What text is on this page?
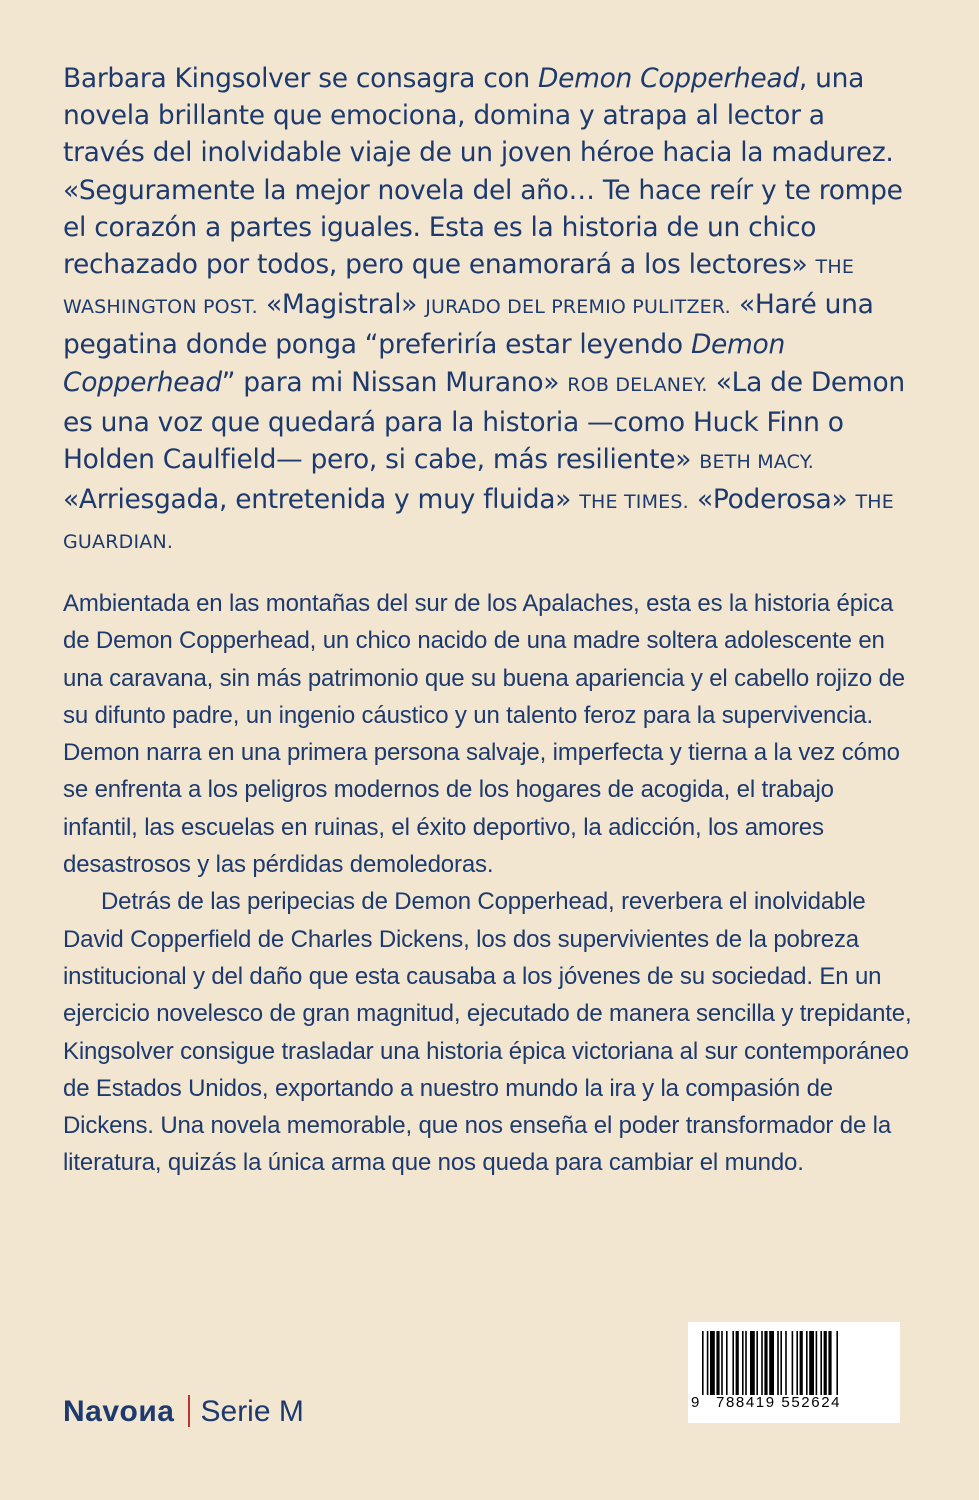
Barbara Kingsolver se consagra con Demon Copperhead, una novela brillante que emociona, domina y atrapa al lector a través del inolvidable viaje de un joven héroe hacia la madurez. «Seguramente la mejor novela del año… Te hace reír y te rompe el corazón a partes iguales. Esta es la historia de un chico rechazado por todos, pero que enamorará a los lectores» THE WASHINGTON POST. «Magistral» JURADO DEL PREMIO PULITZER. «Haré una pegatina donde ponga “preferiría estar leyendo Demon Copperhead” para mi Nissan Murano» ROB DELANEY. «La de Demon es una voz que quedará para la historia —como Huck Finn o Holden Caulfield— pero, si cabe, más resiliente» BETH MACY. «Arriesgada, entretenida y muy fluida» THE TIMES. «Poderosa» THE GUARDIAN.

Ambientada en las montañas del sur de los Apalaches, esta es la historia épica de Demon Copperhead, un chico nacido de una madre soltera adolescente en una caravana, sin más patrimonio que su buena apariencia y el cabello rojizo de su difunto padre, un ingenio cáustico y un talento feroz para la supervivencia. Demon narra en una primera persona salvaje, imperfecta y tierna a la vez cómo se enfrenta a los peligros modernos de los hogares de acogida, el trabajo infantil, las escuelas en ruinas, el éxito deportivo, la adicción, los amores desastrosos y las pérdidas demoledoras.

Detrás de las peripecias de Demon Copperhead, reverbera el inolvidable David Copperfield de Charles Dickens, los dos supervivientes de la pobreza institucional y del daño que esta causaba a los jóvenes de su sociedad. En un ejercicio novelesco de gran magnitud, ejecutado de manera sencilla y trepidante, Kingsolver consigue trasladar una historia épica victoriana al sur contemporáneo de Estados Unidos, exportando a nuestro mundo la ira y la compasión de Dickens. Una novela memorable, que nos enseña el poder transformador de la literatura, quizás la única arma que nos queda para cambiar el mundo.

Navoиa Serie M	9 788419 552624
